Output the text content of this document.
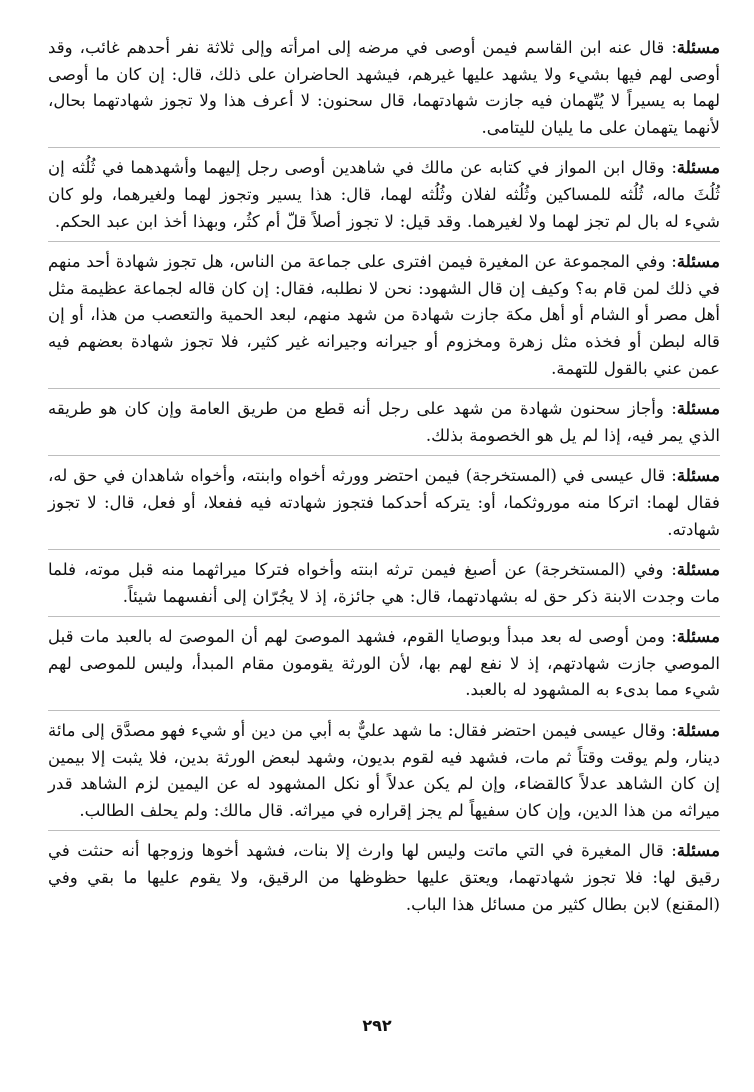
مسئلة: قال عنه ابن القاسم فيمن أوصى في مرضه إلى امرأته وإلى ثلاثة نفر أحدهم غائب، وقد أوصى لهم فيها بشيء ولا يشهد عليها غيرهم، فيشهد الحاضران على ذلك، قال: إن كان ما أوصى لهما به يسيراً لا يُتّهمان فيه جازت شهادتهما، قال سحنون: لا أعرف هذا ولا تجوز شهادتهما بحال، لأنهما يتهمان على ما يليان لليتامى.

مسئلة: وقال ابن المواز في كتابه عن مالك في شاهدين أوصى رجل إليهما وأشهدهما في ثُلُثه إن ثُلُثَ ماله، ثُلُثه للمساكين وثُلُثه لفلان وثُلُثه لهما، قال: هذا يسير وتجوز لهما ولغيرهما، ولو كان شيء له بال لم تجز لهما ولا لغيرهما. وقد قيل: لا تجوز أصلاً قلّ أم كثُر، وبهذا أخذ ابن عبد الحكم.

مسئلة: وفي المجموعة عن المغيرة فيمن افترى على جماعة من الناس، هل تجوز شهادة أحد منهم في ذلك لمن قام به؟ وكيف إن قال الشهود: نحن لا نطلبه، فقال: إن كان قاله لجماعة عظيمة مثل أهل مصر أو الشام أو أهل مكة جازت شهادة من شهد منهم، لبعد الحمية والتعصب من هذا، أو إن قاله لبطن أو فخذه مثل زهرة ومخزوم أو جيرانه وجيرانه غير كثير، فلا تجوز شهادة بعضهم فيه عمن عني بالقول للتهمة.

مسئلة: وأجاز سحنون شهادة من شهد على رجل أنه قطع من طريق العامة وإن كان هو طريقه الذي يمر فيه، إذا لم يل هو الخصومة بذلك.

مسئلة: قال عيسى في (المستخرجة) فيمن احتضر وورثه أخواه وابنته، وأخواه شاهدان في حق له، فقال لهما: اتركا منه موروثكما، أو: يتركه أحدكما فتجوز شهادته فيه ففعلا، أو فعل، قال: لا تجوز شهادته.

مسئلة: وفي (المستخرجة) عن أصبغ فيمن ترثه ابنته وأخواه فتركا ميراثهما منه قبل موته، فلما مات وجدت الابنة ذكر حق له بشهادتهما، قال: هي جائزة، إذ لا يجُرّان إلى أنفسهما شيئاً.

مسئلة: ومن أوصى له بعد مبدأ وبوصايا القوم، فشهد الموصىَ لهم أن الموصىَ له بالعبد مات قبل الموصي جازت شهادتهم، إذ لا نفع لهم بها، لأن الورثة يقومون مقام المبدأ، وليس للموصى لهم شيء مما بدىء به المشهود له بالعبد.

مسئلة: وقال عيسى فيمن احتضر فقال: ما شهد عليٌّ به أبي من دين أو شيء فهو مصدَّق إلى مائة دينار، ولم يوقت وقتاً ثم مات، فشهد فيه لقوم بديون، وشهد لبعض الورثة بدين، فلا يثبت إلا بيمين إن كان الشاهد عدلاً كالقضاء، وإن لم يكن عدلاً أو نكل المشهود له عن اليمين لزم الشاهد قدر ميراثه من هذا الدين، وإن كان سفيهاً لم يجز إقراره في ميراثه. قال مالك: ولم يحلف الطالب.

مسئلة: قال المغيرة في التي ماتت وليس لها وارث إلا بنات، فشهد أخوها وزوجها أنه حنثت في رقيق لها: فلا تجوز شهادتهما، ويعتق عليها حظوظها من الرقيق، ولا يقوم عليها ما بقي وفي (المقنع) لابن بطال كثير من مسائل هذا الباب.

٢٩٢
